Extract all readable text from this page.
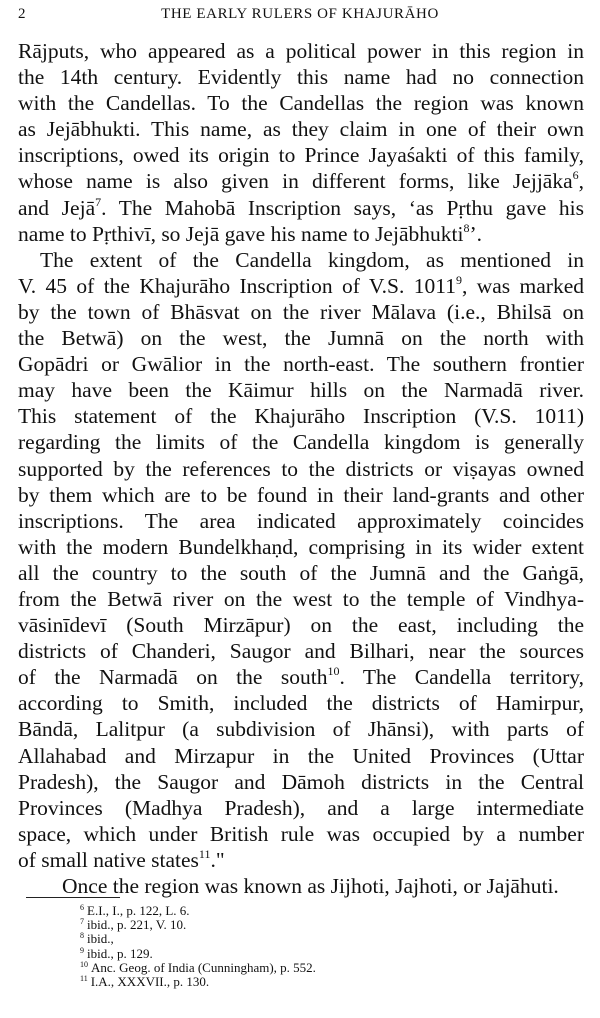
2	THE EARLY RULERS OF KHAJURĀHO
Rājputs, who appeared as a political power in this region in
the 14th century. Evidently this name had no connection
with the Candellas. To the Candellas the region was known
as Jejābhukti. This name, as they claim in one of their own
inscriptions, owed its origin to Prince Jayaśakti of this family,
whose name is also given in different forms, like Jejjāka$^6$,
and Jejā$^7$. The Mahobā Inscription says, ‘as Pṛthu gave his
name to Pṛthivī, so Jejā gave his name to Jejābhukti$^8$’.
The extent of the Candella kingdom, as mentioned in
V. 45 of the Khajurāho Inscription of V.S. 1011$^9$, was marked
by the town of Bhāsvat on the river Mālava (i.e., Bhilsā on
the Betwā) on the west, the Jumnā on the north with
Gopādri or Gwālior in the north-east. The southern frontier
may have been the Kāimur hills on the Narmadā river.
This statement of the Khajurāho Inscription (V.S. 1011)
regarding the limits of the Candella kingdom is generally
supported by the references to the districts or viṣayas owned
by them which are to be found in their land-grants and other
inscriptions. The area indicated approximately coincides
with the modern Bundelkhaṇd, comprising in its wider extent
all the country to the south of the Jumnā and the Gaṅgā,
from the Betwā river on the west to the temple of Vindhya-
vāsinīdevī (South Mirzāpur) on the east, including the
districts of Chanderi, Saugor and Bilhari, near the sources
of the Narmadā on the south$^{10}$. The Candella territory,
according to Smith, included the districts of Hamirpur,
Bāndā, Lalitpur (a subdivision of Jhānsi), with parts of
Allahabad and Mirzapur in the United Provinces (Uttar
Pradesh), the Saugor and Dāmoh districts in the Central
Provinces (Madhya Pradesh), and a large intermediate
space, which under British rule was occupied by a number
of small native states$^{11}$."
Once the region was known as Jijhoti, Jajhoti, or Jajāhuti.
$^6$ E.I., I., p. 122, L. 6.
$^7$ ibid., p. 221, V. 10.
$^8$ ibid.,
$^9$ ibid., p. 129.
$^{10}$ Anc. Geog. of India (Cunningham), p. 552.
$^{11}$ I.A., XXXVII., p. 130.
